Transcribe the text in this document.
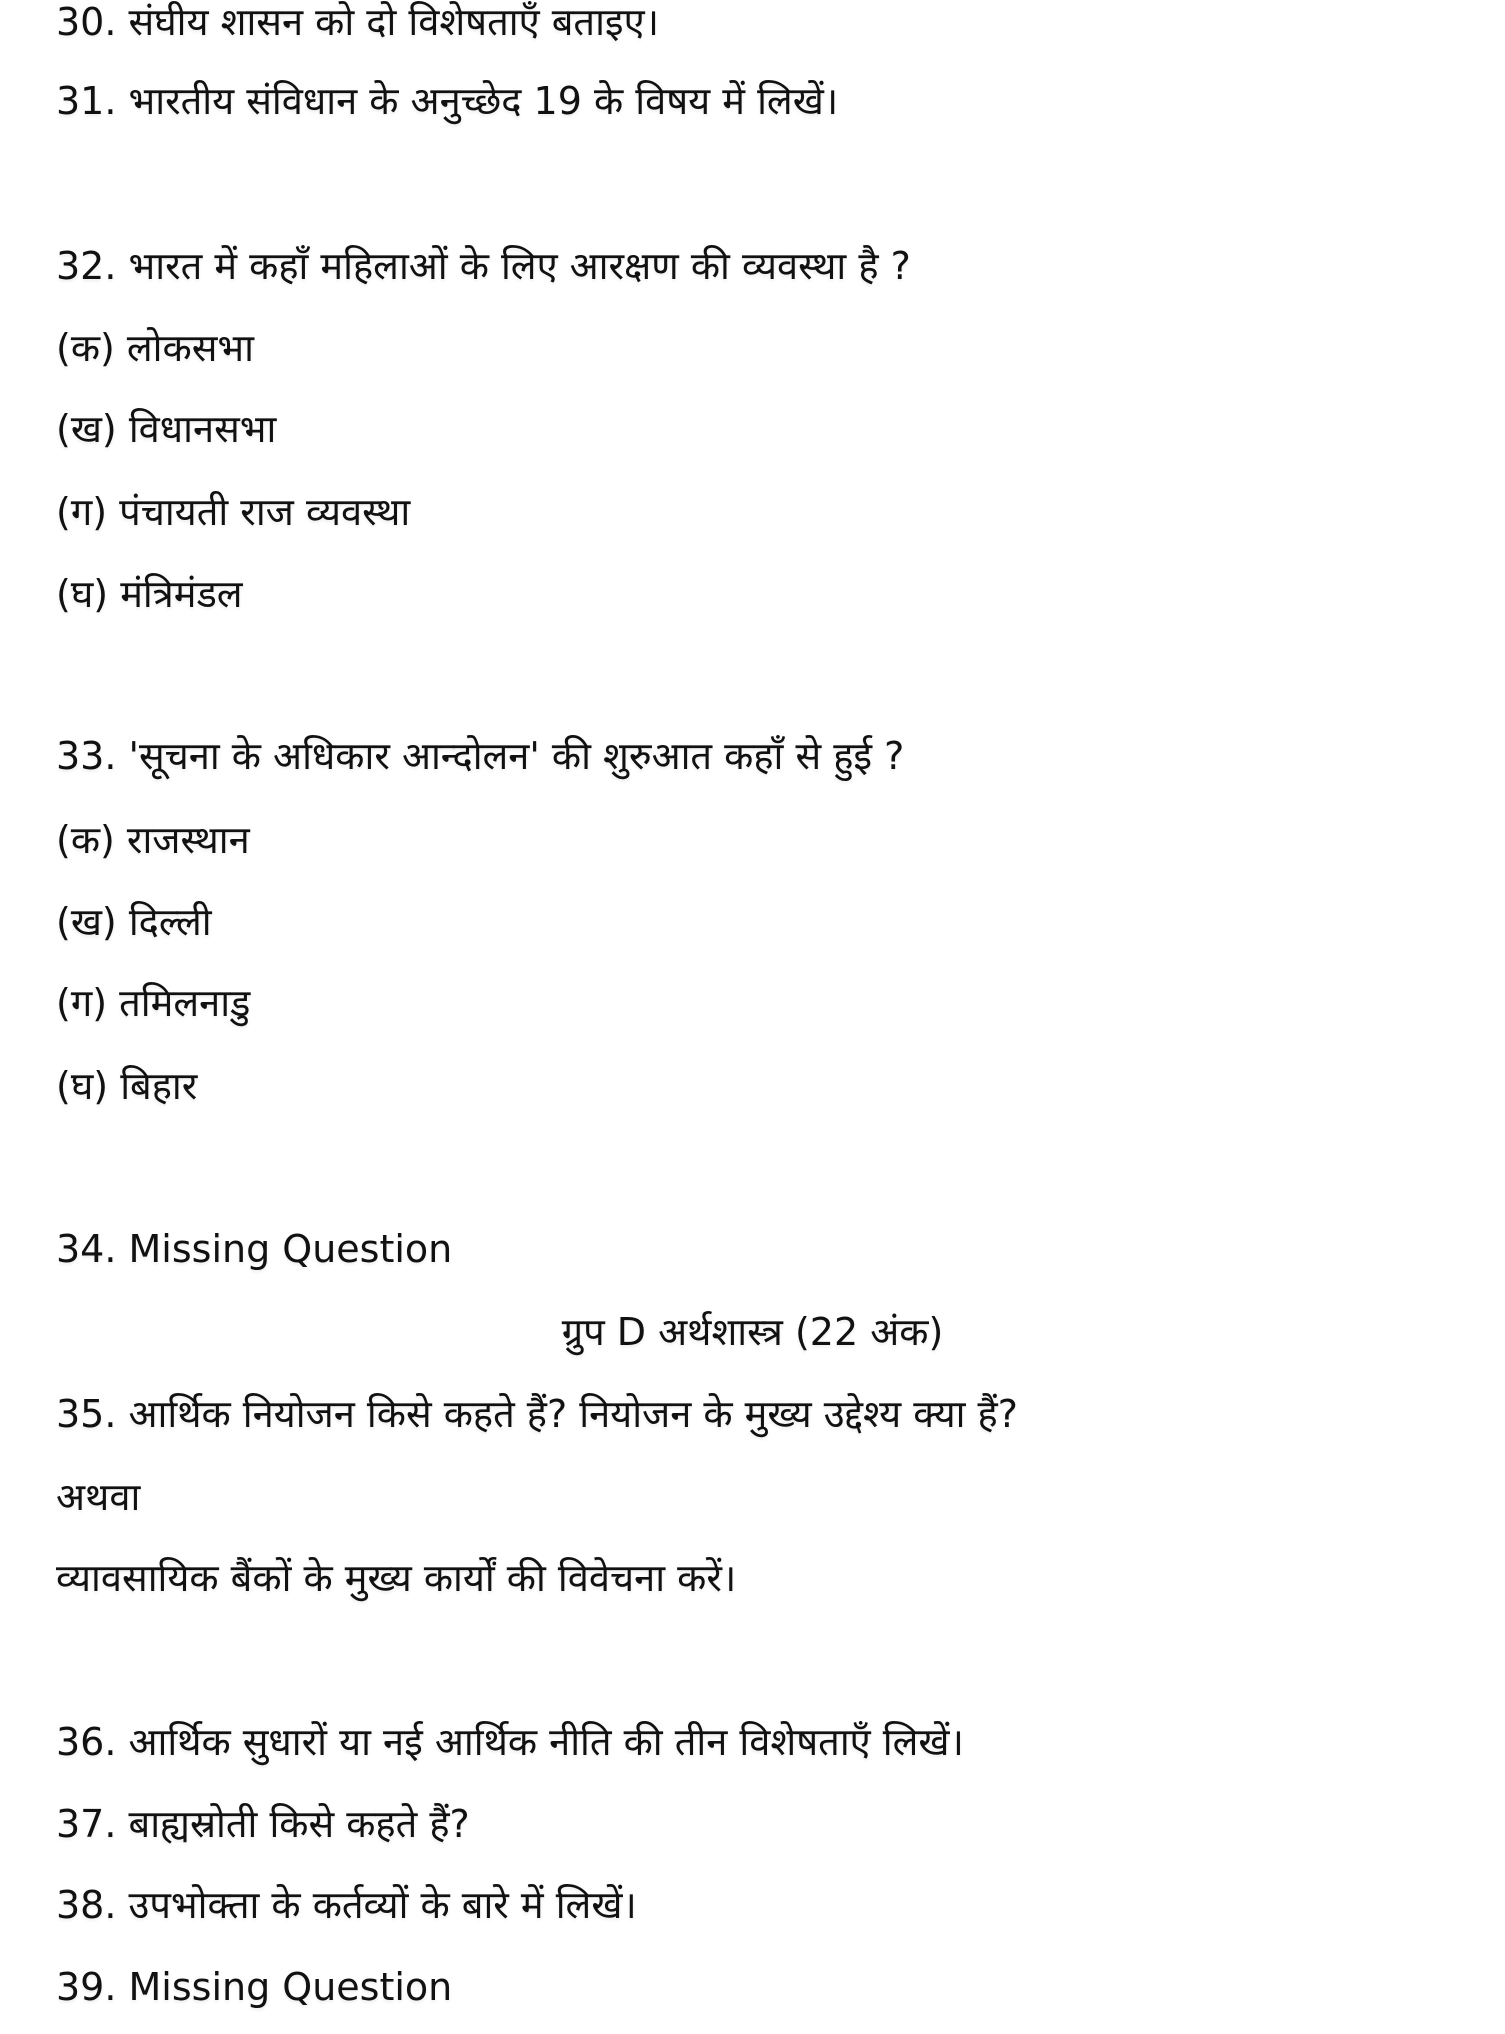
30. संघीय शासन को दो विशेषताएँ बताइए।
31. भारतीय संविधान के अनुच्छेद 19 के विषय में लिखें।
32. भारत में कहाँ महिलाओं के लिए आरक्षण की व्यवस्था है ?
(क) लोकसभा
(ख) विधानसभा
(ग) पंचायती राज व्यवस्था
(घ) मंत्रिमंडल
33. 'सूचना के अधिकार आन्दोलन' की शुरुआत कहाँ से हुई ?
(क) राजस्थान
(ख) दिल्ली
(ग) तमिलनाडु
(घ) बिहार
34. Missing Question
ग्रुप D अर्थशास्त्र (22 अंक)
35. आर्थिक नियोजन किसे कहते हैं? नियोजन के मुख्य उद्देश्य क्या हैं?
अथवा
व्यावसायिक बैंकों के मुख्य कार्यों की विवेचना करें।
36. आर्थिक सुधारों या नई आर्थिक नीति की तीन विशेषताएँ लिखें।
37. बाह्यस्रोती किसे कहते हैं?
38. उपभोक्ता के कर्तव्यों के बारे में लिखें।
39. Missing Question
